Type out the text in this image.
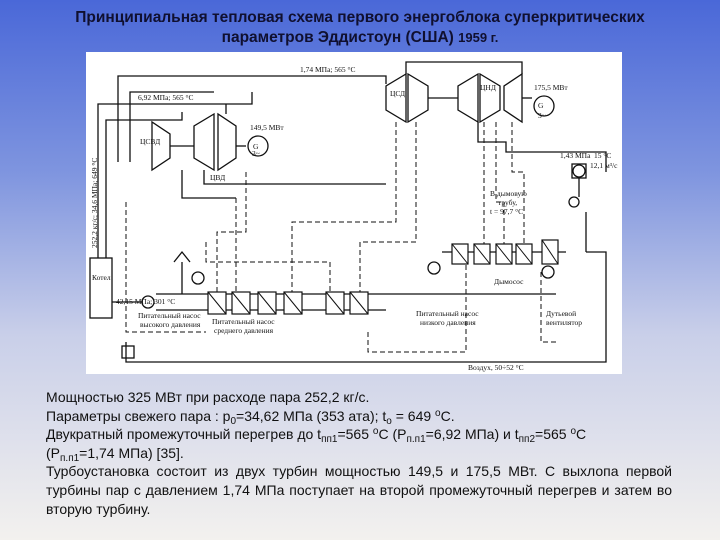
Принципиальная тепловая схема первого энергоблока суперкритических
параметров Эддистоун (США) 1959 г.
1,74 МПа; 565 °С
6,92 МПа; 565 °С
149,5 МВт
175,5 МВт
ЦСВД
ЦВД
ЦСД
ЦНД
G
G
3~
3~
252,2 кг/с; 34,6 МПа; 649 °С
1,43 МПа 15 °С
12,1 м³/с
В дымовую
трубу,
t = 97,7 °С
42,15 МПа; 301 °С
Котел	Дымосос
Питательный насос
высокого давления Питательный насос
среднего давления
Питательный насос
низкого давления
Дутьевой
вентилятор
Воздух, 50÷52 °С

Мощностью 325 МВт при расходе пара 252,2 кг/с.

Параметры свежего пара : $p_0=34,62$ МПа (353 ата); $t_о = 649$ $^о$С.

Двукратный промежуточный перегрев до $t_{пп1}=565$ $^о$С ($Р_{п.п1}=6,92$ МПа) и $t_{пп2}=565$ $^о$С

($Р_{п.п1}=1,74$ МПа) [35].

Турбоустановка состоит из двух турбин мощностью 149,5 и 175,5 МВт. С выхлопа первой турбины пар с давлением 1,74 МПа поступает на второй промежуточный перегрев и затем во вторую турбину.
